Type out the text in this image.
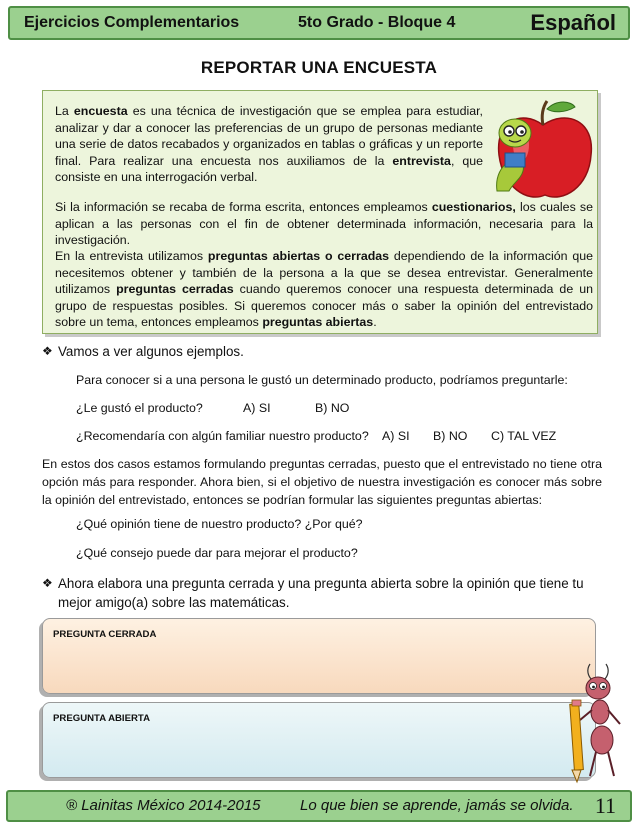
Ejercicios Complementarios	5to Grado - Bloque 4	Español
REPORTAR UNA ENCUESTA

La encuesta es una técnica de investigación que se emplea para estudiar, analizar y dar a conocer las preferencias de un grupo de personas mediante una serie de datos recabados y organizados en tablas o gráficas y un reporte final. Para realizar una encuesta nos auxiliamos de la entrevista, que consiste en una interrogación verbal.

Si la información se recaba de forma escrita, entonces empleamos cuestionarios, los cuales se aplican a las personas con el fin de obtener determinada información, necesaria para la investigación.

En la entrevista utilizamos preguntas abiertas o cerradas dependiendo de la información que necesitemos obtener y también de la persona a la que se desea entrevistar. Generalmente utilizamos preguntas cerradas cuando queremos conocer una respuesta determinada de un grupo de respuestas posibles. Si queremos conocer más o saber la opinión del entrevistado sobre un tema, entonces empleamos preguntas abiertas.

❖ Vamos a ver algunos ejemplos.
Para conocer si a una persona le gustó un determinado producto, podríamos preguntarle:
¿Le gustó el producto?	A) SI	B) NO
¿Recomendaría con algún familiar nuestro producto? A) SI B) NO C) TAL VEZ

En estos dos casos estamos formulando preguntas cerradas, puesto que el entrevistado no tiene otra opción más para responder. Ahora bien, si el objetivo de nuestra investigación es conocer más sobre la opinión del entrevistado, entonces se podrían formular las siguientes preguntas abiertas:

¿Qué opinión tiene de nuestro producto? ¿Por qué?
¿Qué consejo puede dar para mejorar el producto?
❖ Ahora elabora una pregunta cerrada y una pregunta abierta sobre la opinión que tiene tu mejor amigo(a) sobre las matemáticas.

PREGUNTA CERRADA
PREGUNTA ABIERTA
® Lainitas México 2014-2015	Lo que bien se aprende, jamás se olvida. 11
